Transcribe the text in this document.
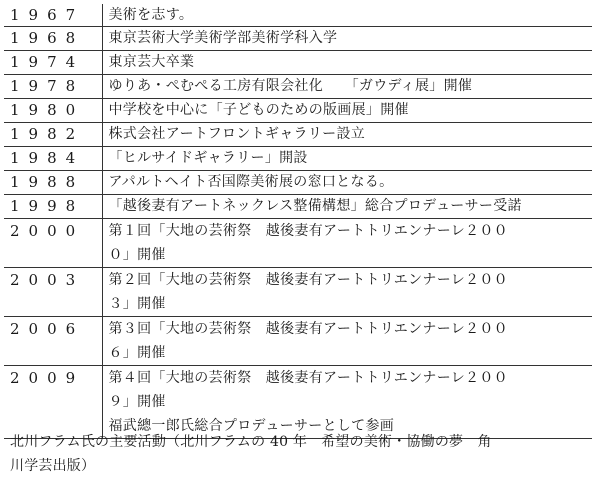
1967	美術を志す。

1968	東京芸術大学美術学部美術学科入学

1974	東京芸大卒業

1978	ゆりあ・ぺむぺる工房有限会社化　　「ガウディ展」開催

1980	中学校を中心に「子どものための版画展」開催

1982	株式会社アートフロントギャラリー設立

1984	「ヒルサイドギャラリー」開設

1988	アパルトヘイト否国際美術展の窓口となる。

1998	「越後妻有アートネックレス整備構想」総合プロデューサー受諾

2000	第１回「大地の芸術祭　越後妻有アートトリエンナーレ２００
０」開催

2003	第２回「大地の芸術祭　越後妻有アートトリエンナーレ２００
３」開催

2006	第３回「大地の芸術祭　越後妻有アートトリエンナーレ２００
６」開催

2009	第４回「大地の芸術祭　越後妻有アートトリエンナーレ２００
９」開催
福武總一郎氏総合プロデューサーとして参画
北川フラム氏の主要活動（北川フラムの 40 年　希望の美術・協働の夢　角
川学芸出版）
